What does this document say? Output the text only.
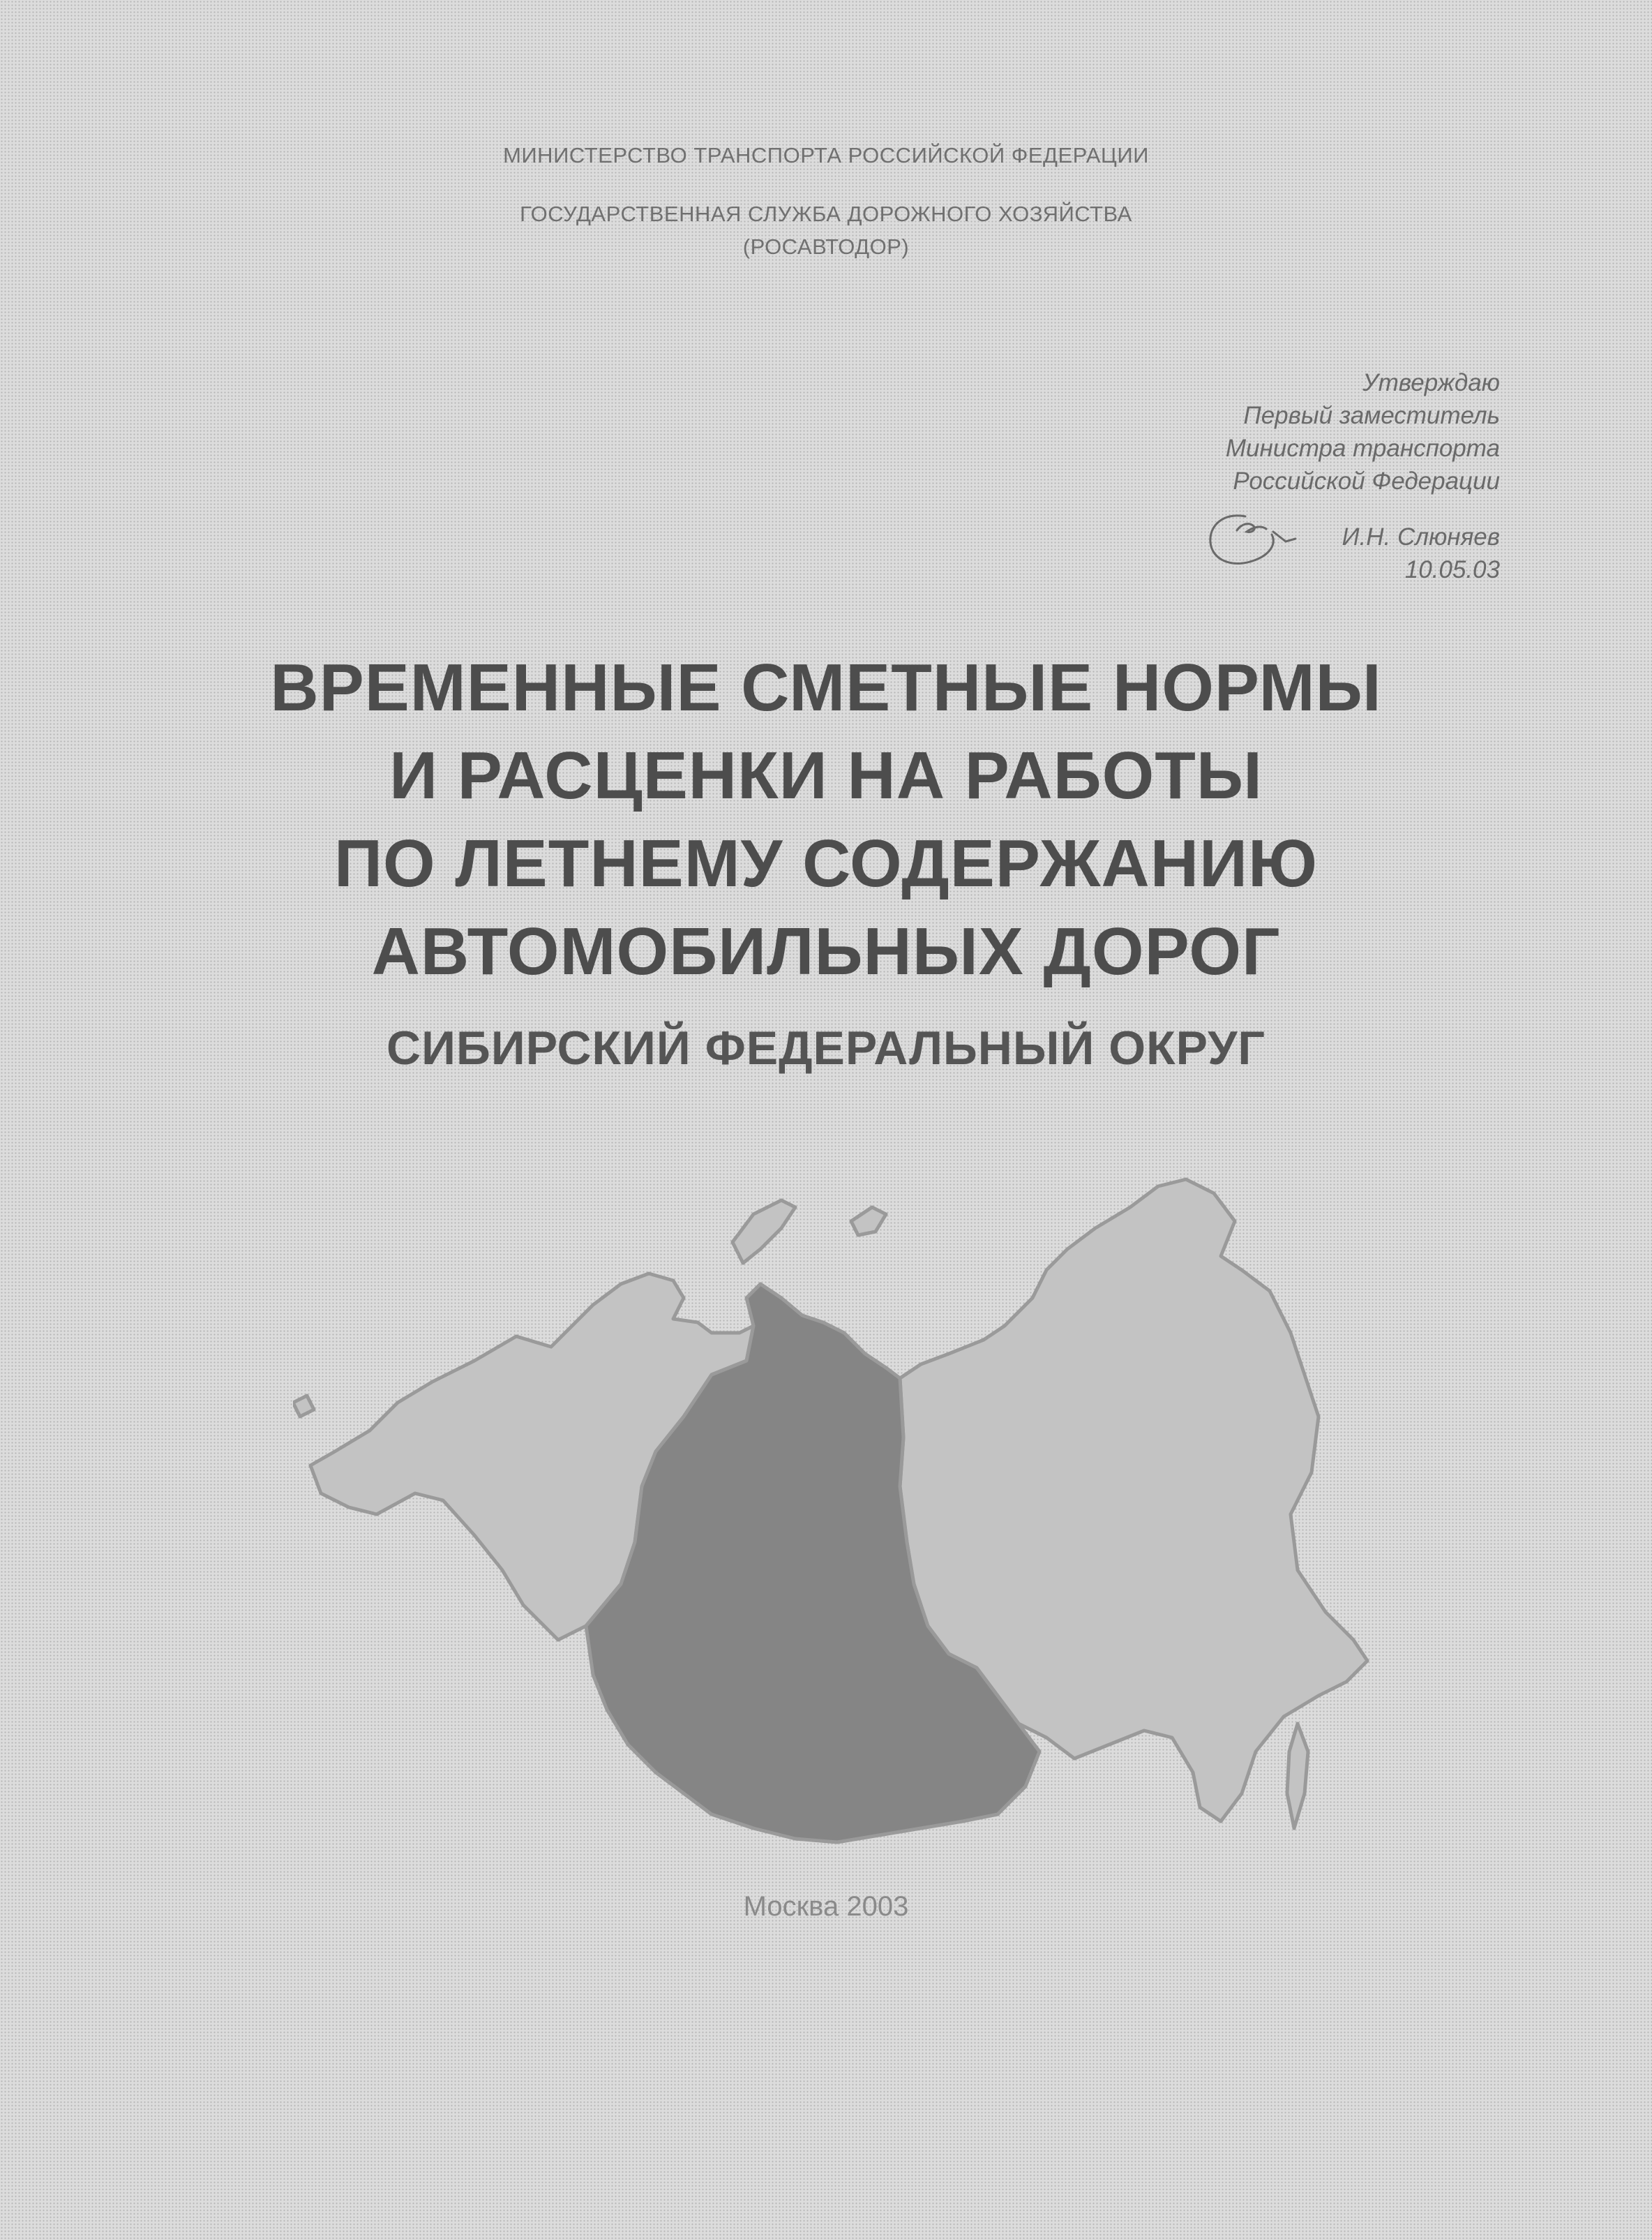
МИНИСТЕРСТВО ТРАНСПОРТА РОССИЙСКОЙ ФЕДЕРАЦИИ
ГОСУДАРСТВЕННАЯ СЛУЖБА ДОРОЖНОГО ХОЗЯЙСТВА
(РОСАВТОДОР)
Утверждаю
Первый заместитель
Министра транспорта
Российской Федерации
И.Н. Слюняев
10.05.03
ВРЕМЕННЫЕ СМЕТНЫЕ НОРМЫ
И РАСЦЕНКИ НА РАБОТЫ
ПО ЛЕТНЕМУ СОДЕРЖАНИЮ
АВТОМОБИЛЬНЫХ ДОРОГ
СИБИРСКИЙ ФЕДЕРАЛЬНЫЙ ОКРУГ
Москва 2003
